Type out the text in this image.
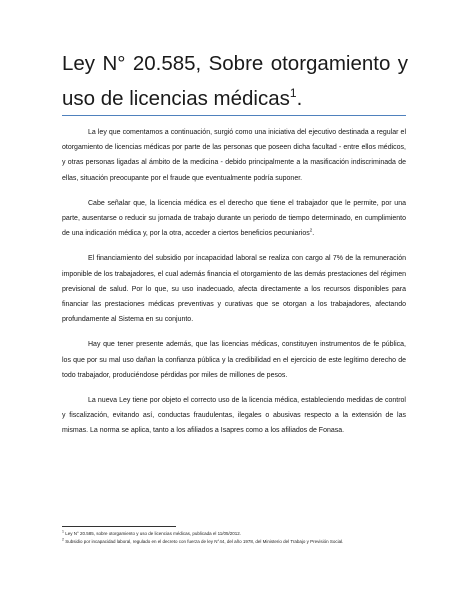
Ley N° 20.585, Sobre otorgamiento y uso de licencias médicas$^1$.

La ley que comentamos a continuación, surgió como una iniciativa del ejecutivo destinada a regular el otorgamiento de licencias médicas por parte de las personas que poseen dicha facultad - entre ellos médicos, y otras personas ligadas al ámbito de la medicina - debido principalmente a la masificación indiscriminada de ellas, situación preocupante por el fraude que eventualmente podría suponer.

Cabe señalar que, la licencia médica es el derecho que tiene el trabajador que le permite, por una parte, ausentarse o reducir su jornada de trabajo durante un periodo de tiempo determinado, en cumplimiento de una indicación médica y, por la otra, acceder a ciertos beneficios pecuniarios$^2$.

El financiamiento del subsidio por incapacidad laboral se realiza con cargo al 7% de la remuneración imponible de los trabajadores, el cual además financia el otorgamiento de las demás prestaciones del régimen previsional de salud. Por lo que, su uso inadecuado, afecta directamente a los recursos disponibles para financiar las prestaciones médicas preventivas y curativas que se otorgan a los trabajadores, afectando profundamente al Sistema en su conjunto.

Hay que tener presente además, que las licencias médicas, constituyen instrumentos de fe pública, los que por su mal uso dañan la confianza pública y la credibilidad en el ejercicio de este legítimo derecho de todo trabajador, produciéndose pérdidas por miles de millones de pesos.

La nueva Ley tiene por objeto el correcto uso de la licencia médica, estableciendo medidas de control y fiscalización, evitando así, conductas fraudulentas, ilegales o abusivas respecto a la extensión de las mismas. La norma se aplica, tanto a los afiliados a Isapres como a los afiliados de Fonasa.

$^1$ Ley N° 20.585, sobre otorgamiento y uso de licencias médicas, publicada el 11/05/2012.

$^2$ Subsidio por incapacidad laboral, regulado en el decreto con fuerza de ley N°44, del año 1978, del Ministerio del Trabajo y Previsión Social.
